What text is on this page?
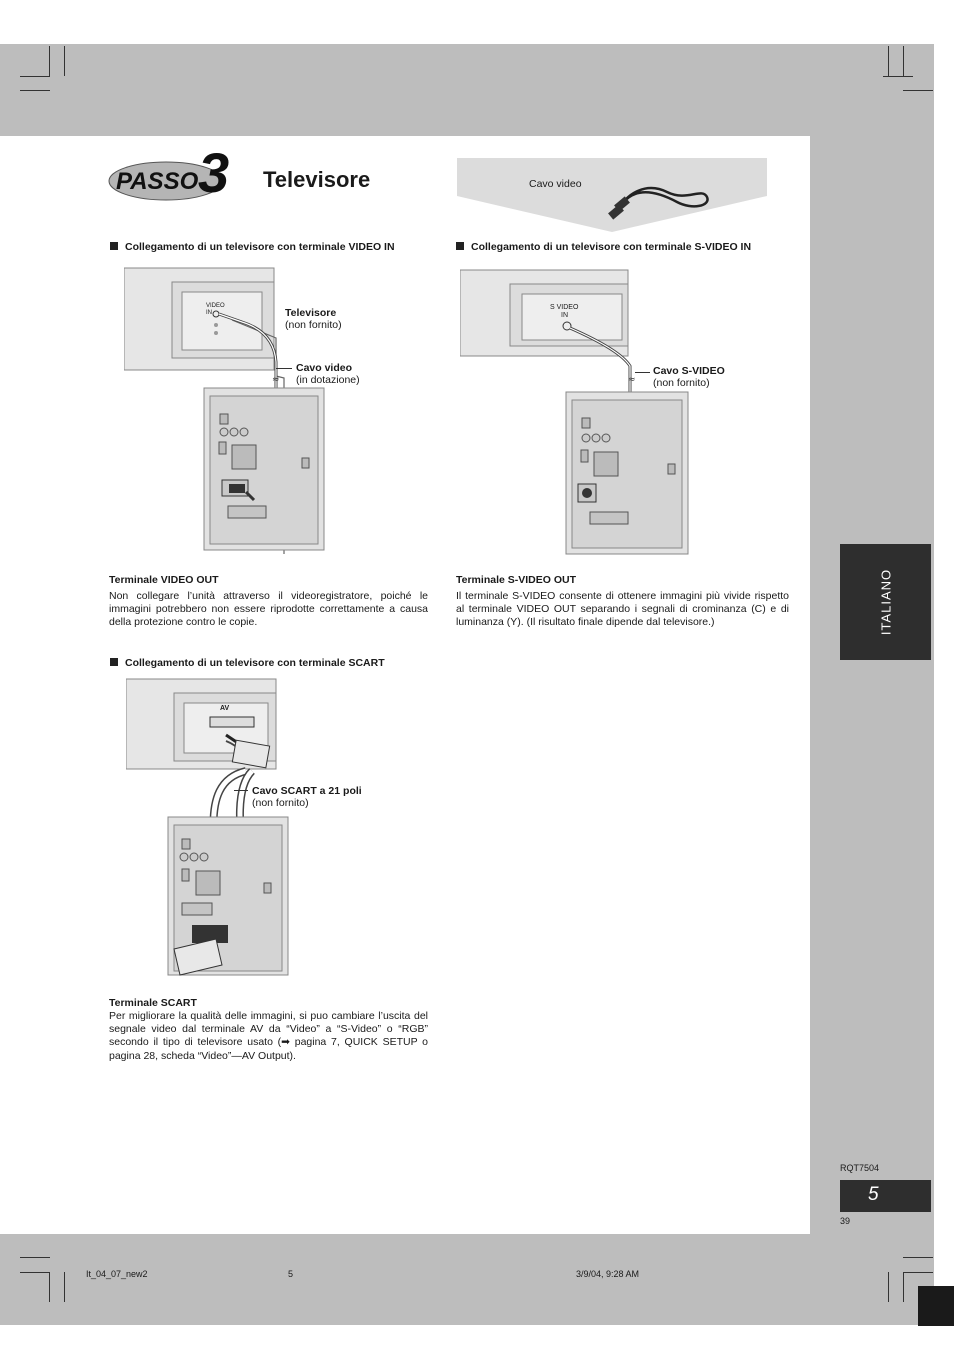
PASSO 3 Televisore	Cavo video
Collegamento di un televisore con terminale VIDEO IN
≈
VIDEO
IN	Televisore
(non fornito)
Cavo video
(in dotazione)
Terminale VIDEO OUT
Non collegare l’unità attraverso il videoregistratore, poiché le immagini potrebbero non essere riprodotte correttamente a causa della protezione contro le copie.
Collegamento di un televisore con terminale S-VIDEO IN
≈
S VIDEO
IN
Cavo S-VIDEO
(non fornito)
Terminale S-VIDEO OUT
Il terminale S-VIDEO consente di ottenere immagini più vivide rispetto al terminale VIDEO OUT separando i segnali di crominanza (C) e di luminanza (Y). (Il risultato finale dipende dal televisore.)
Collegamento di un televisore con terminale SCART
AV
Cavo SCART a 21 poli
(non fornito)
Terminale SCART
Per migliorare la qualità delle immagini, si puo cambiare l’uscita del segnale video dal terminale AV da “Video” a “S-Video” o “RGB” secondo il tipo di televisore usato (➡ pagina 7, QUICK SETUP o pagina 28, scheda “Video”—AV Output).
ITALIANO
RQT7504
5
39
It_04_07_new2	5	3/9/04, 9:28 AM
